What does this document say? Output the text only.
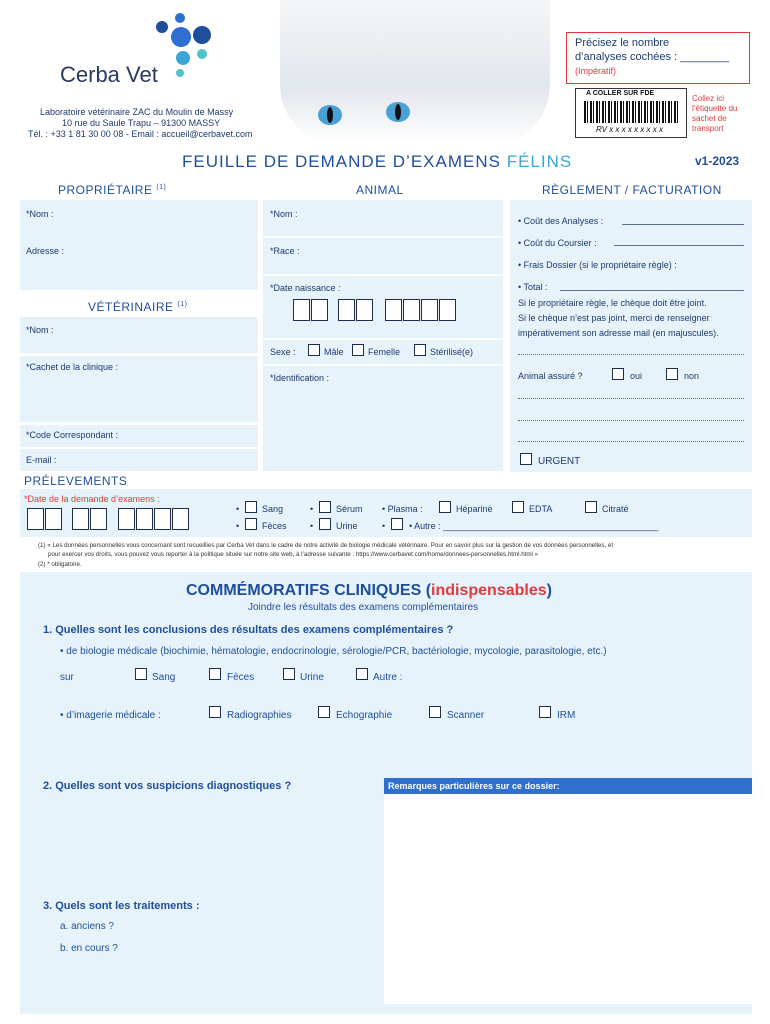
Cerba Vet
Laboratoire vétérinaire ZAC du Moulin de Massy
10 rue du Saule Trapu – 91300 MASSY
Tél. : +33 1 81 30 00 08 - Email : accueil@cerbavet.com
Précisez le nombre
d’analyses cochées : ________
(Impératif)
A COLLER SUR FDE
RV x x x x x x x x x
Collez ici l’étiquette du sachet de transport
FEUILLE DE DEMANDE D’EXAMENS FÉLINS	v1-2023
PROPRIÉTAIRE $^{(1)}$	ANIMAL	RÈGLEMENT / FACTURATION
*Nom :
Adresse :
VÉTÉRINAIRE $^{(1)}$
*Nom :
*Cachet de la clinique :
*Code Correspondant :
E-mail :
*Nom :
*Race :
*Date naissance :
Sexe :	Mâle	Femelle	Stérilisé(e)
*Identification :
• Coût des Analyses :
• Coût du Coursier :
• Frais Dossier (si le propriétaire règle) :
• Total :
Si le propriétaire règle, le chèque doit être joint.
Si le chèque n’est pas joint, merci de renseigner
impérativement son adresse mail (en majuscules).
Animal assuré ?	oui	non
URGENT
PRÉLEVEMENTS
*Date de la demande d’examens :
•	Sang
•	Fèces
•	Sérum
•	Urine
• Plasma :	Héparinė	EDTA	Citraté
•	• Autre : ___________________________________________
(1) « Les données personnelles vous concernant sont recueillies par Cerba Vet dans le cadre de notre activité de biologie médicale vétérinaire. Pour en savoir plus sur la gestion de vos données personnelles, et
pour exercer vos droits, vous pouvez vous reporter à la politique située sur notre site web, à l’adresse suivante : https://www.cerbavet.com/home/donnees-personnelles.html.html »
(2) * obligatoire.
COMMÉMORATIFS CLINIQUES (indispensables)
Joindre les résultats des examens complémentaires
1. Quelles sont les conclusions des résultats des examens complémentaires ?
• de biologie médicale (biochimie, hématologie, endocrinologie, sérologie/PCR, bactériologie, mycologie, parasitologie, etc.)
sur	Sang	Fèces	Urine	Autre :
• d’imagerie médicale :	Radiographies	Echographie	Scanner	IRM
2. Quelles sont vos suspicions diagnostiques ?	Remarques particulières sur ce dossier:
3. Quels sont les traitements :
a. anciens ?
b. en cours ?
